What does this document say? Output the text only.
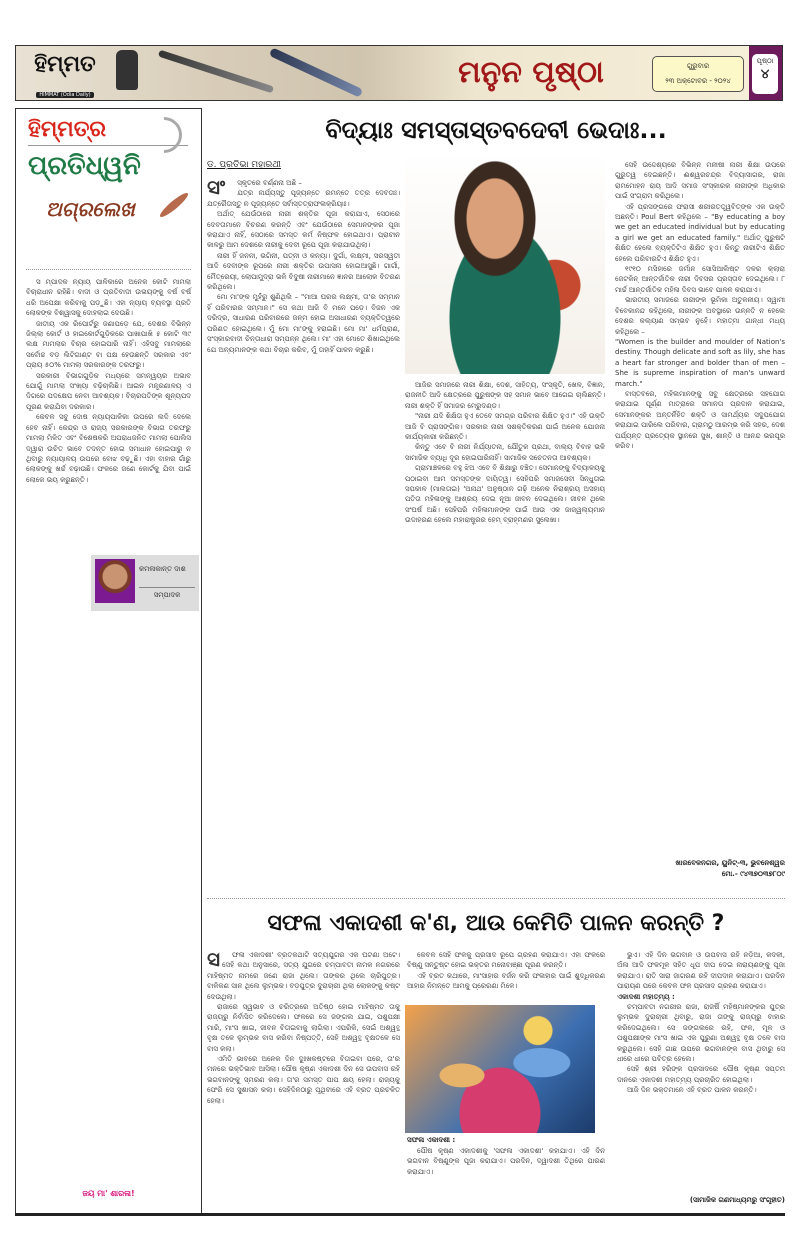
ହିମ୍ମତ
HIMMAT (Odia Daily)
ମନୁନ ପୃଷ୍ଠା	ଗୁରୁବାର
୨୩ ଅକ୍ଟୋବର - ୨୦୨୪
ପୃଷ୍ଠା
୪
ହିମ୍ମତ୍‌ର
ପ୍ରତିଧ୍ୱନି
ଅଗ୍ରଲେଖ

ସ ମ୍ପାଦକ ନ୍ୟାୟ ପାଳିକାରେ ଅନେକ କୋଟି ମାମଲା ବିଚାରାଧୀନ ରହିଛି। ବାଦୀ ଓ ପ୍ରତିବାଦୀ ଉଭୟଙ୍କୁ ବର୍ଷ ବର୍ଷ ଧରି ଅପେକ୍ଷା କରିବାକୁ ପଡ଼ୁଛି। ଏହା ନ୍ୟାୟ ବ୍ୟବସ୍ଥା ପ୍ରତି ଲୋକଙ୍କ ବିଶ୍ୱାସକୁ ଦୋହଲାଇ ଦେଉଛି।

ଜାତୀୟ ଏକ ରିପୋର୍ଟରୁ ଜଣାପଡ଼େ ଯେ, ଦେଶର ବିଭିନ୍ନ ଜିଲ୍ଲା କୋର୍ଟ ଓ ହାଇକୋର୍ଟଗୁଡ଼ିକରେ ପାଖାପାଖି ୫ କୋଟି ୩୯ ଲକ୍ଷ ମାମଲାର ବିଚାର ହୋଇପାରି ନାହିଁ। ଏହିସବୁ ମାମଲାରେ ସର୍ବୋଚ୍ଚ ବଡ଼ ଲିଟିଗାଣ୍ଟ ବା ପକ୍ଷ ହେଉଛନ୍ତି ସରକାର ଏବଂ ପ୍ରାୟ ୫୦% ମାମଲା ସରକାରଙ୍କ ତରଫରୁ।

ସରକାରୀ ବିଭାଗଗୁଡ଼ିକ ମଧ୍ୟରେ ସମନ୍ୱୟର ଅଭାବ ଯୋଗୁଁ ମାମଲା ସଂଖ୍ୟା ବଢ଼ିଚାଲିଛି। ଆଇନ ମନ୍ତ୍ରଣାଳୟ ଏ ଦିଗରେ ପଦକ୍ଷେପ ନେବା ଆବଶ୍ୟକ। ବିଚାରପତିଙ୍କ ଶୂନ୍ୟପଦ ପୂରଣ କରାଯିବା ଦରକାର।

କେବଳ ସବୁ ଦୋଷ ନ୍ୟାୟପାଳିକା ଉପରେ ଲଦି ଦେଲେ ହେବ ନାହିଁ। କେନ୍ଦ୍ର ଓ ରାଜ୍ୟ ସରକାରଙ୍କ ବିଭାଗ ତରଫରୁ ମାମଲା ମିଳିତ ଏବଂ ବିଶେଷକରି ଅପରାଧଜନିତ ମାମଲା ପୋଲିସ ଦ୍ୱାରା ଉଚିତ ଭାବେ ତଦନ୍ତ ହୋଇ ସମାଧାନ ହୋଇପାରୁ ନ ଥିବାରୁ ନ୍ୟାୟାଳୟ ଉପରେ ବୋଝ ବଢ଼ୁଛି। ଏହା ବାହାର ଗାଁରୁ ଲୋକଙ୍କୁ ଖର୍ଚ୍ଚ ବଢ଼ାଉଛି। ଫଳରେ ଜଣେ କୋର୍ଟକୁ ଯିବା ପାଇଁ ଲୋକେ ଭୟ କରୁଛନ୍ତି।

କମଳାକାନ୍ତ ଦାଶ
ସମ୍ପାଦକ
ଜୟ ମା' ଶାରଳା!
ବିଦ୍ୟାଃ ସମସ୍ତାସ୍ତବଦେବୀ ଭେଦାଃ...
ଡ. ପ୍ରତିଭା ମହାରଥୀ
ସଂ	ସ୍କୃତରେ ବର୍ଣ୍ଣନା ଅଛି –

ଯତ୍ର ନାର୍ଯ୍ୟସ୍ତୁ ପୂଜ୍ୟନ୍ତେ ରମନ୍ତେ ତତ୍ର ଦେବତାଃ। ଯତ୍ରୈତାସ୍ତୁ ନ ପୂଜ୍ୟନ୍ତେ ସର୍ବାସ୍ତତ୍ରାଫଳାକ୍ରିୟାଃ।

ଅର୍ଥାତ୍ ଯେଉଁଠାରେ ନାରୀ ଶକ୍ତିର ପୂଜା କରାଯାଏ, ସେଠାରେ ଦେବତାମାନେ ବିଚରଣ କରନ୍ତି ଏବଂ ଯେଉଁଠାରେ ସେମାନଙ୍କର ପୂଜା କରାଯାଏ ନାହିଁ, ସେଠାରେ ସମସ୍ତ କର୍ମ ନିଷ୍ଫଳ ହୋଇଥାଏ। ପ୍ରାଚୀନ କାଳରୁ ଆମ ଦେଶରେ ନାରୀକୁ ଦେବୀ ରୂପେ ପୂଜା କରାଯାଉଥିଲା।

ନାରୀ ହିଁ ଜନନୀ, ଭଗିନୀ, ପତ୍ନୀ ଓ କନ୍ୟା। ଦୁର୍ଗା, ଲକ୍ଷ୍ମୀ, ସରସ୍ୱତୀ ଆଦି ଦେବୀଙ୍କ ରୂପରେ ନାରୀ ଶକ୍ତିର ଉପାସନା ହୋଇଆସୁଛି। ଗାର୍ଗୀ, ମୈତ୍ରେୟୀ, ଲୋପାମୁଦ୍ରା ଭଳି ବିଦୁଷୀ ନାରୀମାନେ ଜ୍ଞାନର ଆଲୋକ ବିତରଣ କରିଥିଲେ।

ମୋ ମା'ଙ୍କ ମୁହଁରୁ ଶୁଣିଥିଲି – "ମାଆ ଘରର ଲକ୍ଷ୍ମୀ, ତା'ର ସମ୍ମାନ ହିଁ ପରିବାରର ସମ୍ମାନ।" ସେ କଥା ଆଜି ବି ମନେ ପଡ଼େ। ବିଜନ ଏକ ଦରିଦ୍ର, ସାଧାରଣ ପରିବାରରେ ଜନ୍ମ ହୋଇ ଅସାଧାରଣ ବ୍ୟକ୍ତିତ୍ୱରେ ପରିଣତ ହୋଇଥିଲେ। ମୁଁ ମୋ ମା'ଙ୍କୁ ହରାଇଛି। ମୋ ମା' ଧର୍ମପ୍ରାଣ, ସଂସ୍କାରବାଦୀ ଚିନ୍ତାଧାରା ସମ୍ପନ୍ନ ଥିଲେ। ମା' ଏହା ମୋତେ ଶିଖାଇଥିଲେ ଯେ ଅନ୍ୟମାନଙ୍କ କଥା ବିଚାର କରିବ, ମୁଁ ତାହାହିଁ ପାଳନ କରୁଛି।

ଆଜିର ସମାଜରେ ନାରୀ ଶିକ୍ଷା, ଦେଶ, ସାହିତ୍ୟ, ସଂସ୍କୃତି, ଖେଳ, ବିଜ୍ଞାନ, ରାଜନୀତି ଆଦି କ୍ଷେତ୍ରରେ ପୁରୁଷଙ୍କ ସହ ସମାନ ଭାବେ ଆଗେଇ ଚାଲିଛନ୍ତି। ନାରୀ ଶକ୍ତି ହିଁ ସମାଜର ମେରୁଦଣ୍ଡ।

"ନାରୀ ଯଦି ଶିକ୍ଷିତା ହୁଏ ତେବେ ସମଗ୍ର ପରିବାର ଶିକ୍ଷିତ ହୁଏ।" ଏହି ଉକ୍ତି ଆଜି ବି ପ୍ରାସଙ୍ଗିକ। ସରକାର ନାରୀ ସଶକ୍ତିକରଣ ପାଇଁ ଅନେକ ଯୋଜନା କାର୍ଯ୍ୟକାରୀ କରିଛନ୍ତି।

କିନ୍ତୁ ଏବେ ବି ନାରୀ ନିର୍ଯ୍ୟାତନା, ଯୌତୁକ ପ୍ରଥା, ବାଲ୍ୟ ବିବାହ ଭଳି ସାମାଜିକ ବ୍ୟାଧି ଦୂର ହୋଇପାରିନାହିଁ। ସାମାଜିକ ସଚେତନତା ଆବଶ୍ୟକ।

ଗ୍ରାମାଞ୍ଚଳରେ ବହୁ ଝିଅ ଏବେ ବି ଶିକ୍ଷାରୁ ବଞ୍ଚିତ। ସେମାନଙ୍କୁ ବିଦ୍ୟାଳୟକୁ ପଠାଇବା ଆମ ସମସ୍ତଙ୍କ ଦାୟିତ୍ୱ। ସେହିପରି ସମାଜସେବୀ ସିନ୍ଧୁତାଇ ସପକାଳ (ମାଲତାଇ) 'ଅନାଥ' ଅନୁଷ୍ଠାନ ଗଢ଼ି ଅନେକ ନିରାଶ୍ରୟ ଅସହାୟ ପତିତା ମହିଳାଙ୍କୁ ଆଶ୍ରୟ ଦେଇ ନୂଆ ଜୀବନ ଦେଇଥିଲେ। ଜୀବନ ଥିଲେ ସଂଘର୍ଷ ଅଛି। ସେହିପରି ମହିଳାମାନଙ୍କ ପାଇଁ ଆଉ ଏକ ଜାଜ୍ୱଲ୍ୟମାନ ଉଦାହରଣ ହେଲେ ମହାରାଷ୍ଟ୍ରର ହେମ୍ ବ୍ରାହ୍ମଣର ସୁଲେଖା।

ସେହି ଉଦ୍ଦେଶ୍ୟରେ ବିଭିନ୍ନ ମନୀଷୀ ନାରୀ ଶିକ୍ଷା ଉପରେ ଗୁରୁତ୍ୱ ଦେଇଛନ୍ତି। ଈଶ୍ୱରଚନ୍ଦ୍ର ବିଦ୍ୟାସାଗର, ରାଜା ରାମମୋହନ ରାୟ ଆଦି ସମାଜ ସଂସ୍କାରକ ନାରୀଙ୍କ ଅଧିକାର ପାଇଁ ସଂଗ୍ରାମ କରିଥିଲେ।

ଏହି ପ୍ରସଙ୍ଗରେ ଫରାସୀ ଶରୀରତତ୍ତ୍ୱବିତ୍ଙ୍କ ଏକ ଉକ୍ତି ଅଛନ୍ତି। Poul Bert କହିଥିଲେ – "By educating a boy we get an educated individual but by educating a girl we get an educated family." ଅର୍ଥାତ୍ ପୁରୁଷଟି ଶିକ୍ଷିତ ହେଲେ ବ୍ୟକ୍ତିଟିଏ ଶିକ୍ଷିତ ହୁଏ। କିନ୍ତୁ ନାରୀଟିଏ ଶିକ୍ଷିତ ହେଲେ ପରିବାରଟିଏ ଶିକ୍ଷିତ ହୁଏ।

୧୯୧୦ ମସିହାରେ ଜର୍ମାନ ସୋସିଆଲିଷ୍ଟ ଦଳର କ୍ଲାରା ଜେଟକିନ୍ ଆନ୍ତର୍ଜାତିକ ନାରୀ ଦିବସର ପ୍ରସ୍ତାବ ଦେଇଥିଲେ। ୮ ମାର୍ଚ୍ଚ ଆନ୍ତର୍ଜାତିକ ମହିଳା ଦିବସ ଭାବେ ପାଳନ କରାଯାଏ।

ଭାରତୀୟ ସମାଜରେ ନାରୀଙ୍କ ଭୂମିକା ଅତୁଳନୀୟ। ସ୍ୱାମୀ ବିବେକାନନ୍ଦ କହିଥିଲେ, ନାରୀଙ୍କ ଅବସ୍ଥାରେ ଉନ୍ନତି ନ ହେଲେ ଦେଶର କଲ୍ୟାଣ ସମ୍ଭବ ନୁହେଁ। ମହାତ୍ମା ଗାନ୍ଧୀ ମଧ୍ୟ କହିଥିଲେ –

"Women is the builder and moulder of Nation's destiny. Though delicate and soft as lily, she has a heart far stronger and bolder than of men – She is supreme inspiration of man's unward march."

ବାସ୍ତବରେ, ମହିଳାମାନଙ୍କୁ ସବୁ କ୍ଷେତ୍ରରେ ସହଯୋଗ କରାଯାଇ ପୂର୍ଣ୍ଣ ମାତ୍ରାରେ ସମାନତା ପ୍ରଦାନ କରାଯାଇ, ସେମାନଙ୍କର ଅନ୍ତର୍ନିହିତ ଶକ୍ତି ଓ ସାମର୍ଥ୍ୟର ସଦୁପଯୋଗ କରାଯାଇ ପାରିଲେ ପରିବାର, ଗ୍ରାମଠୁ ଆରମ୍ଭ କରି ସହର, ଦେଶ ପର୍ଯ୍ୟନ୍ତ ପ୍ରତ୍ୟେକ ସ୍ଥାନରେ ସୁଖ, ଶାନ୍ତି ଓ ଆନନ୍ଦ ଭରପୂର କରିବ।

ଖାରବେଳନଗର, ୟୁନିଟ୍-୩, ଭୁବନେଶ୍ୱର
ମୋ.- ୯୪୩୭୦୩୭୮୦୯
ସଫଳା ଏକାଦଶୀ କ'ଣ, ଆଉ କେମିତି ପାଳନ କରନ୍ତି ?
ସ	ଫଳା ଏକାଦଶୀ' ବ୍ରତକଥାଟି ସତ୍ୟଯୁଗର ଏକ ଘଟଣା ଅଟେ। ସେହି କଥା ଅନୁସାରେ, ସତ୍ୟ ଯୁଗରେ ଚମ୍ପାବତୀ ନାମକ ନଗରରେ ମାହିଷ୍ମତ ନାମରେ ଜଣେ ରାଜା ଥିଲେ। ତାଙ୍କର ଥିଲେ ଚାରିପୁତ୍ର। ବାଳିକଣ ସାନ ଥିଲେ ଲୁମ୍ଭକ। ବଡ଼ପୁତ୍ର ଦୁରାଚାରୀ ଥିଲା ଲୋକଙ୍କୁ କଷ୍ଟ ଦେଉଥିଲା।

ରାଜାରେ ସ୍ୱଭାବ ଓ ଚରିତ୍ରରେ ଅତିଷ୍ଠ ହୋଇ ମାହିଷ୍ମତ ତାକୁ ରାଜ୍ୟରୁ ନିର୍ବାସିତ କରିଦେଲେ। ଫଳରେ ସେ ଜଙ୍ଗଲ ଯାଇ, ପଶୁପକ୍ଷୀ ମାରି, ମାଂସ ଖାଇ, ଜୀବନ ବିତାଇବାକୁ ଲାଗିଲା। ଏପରିକି, ସେଇଁ ଅଶ୍ୱତ୍ଥ ବୃକ୍ଷ ତଳେ ଲୁମ୍ଭକ ବାସ କରିବା ନିଷ୍ପତ୍ତି, ସେହି ଅଶ୍ୱତ୍ଥ ବୃକ୍ଷତଳେ ସେ ବାସ କଲା।

ଏମିତି ଭାବରେ ଅନେକ ଦିନ ଦୁଃଖକଷ୍ଟରେ ବିତାଇବା ପରେ, ତା'ର ମନରେ ଭକ୍ତିଭାବ ଆସିଲା। ପୌଷ କୃଷ୍ଣ ଏକାଦଶୀ ଦିନ ସେ ଉପବାସ ରହି ଭଗବାନଙ୍କୁ ସ୍ମରଣ କଲା। ତା'ର ସମସ୍ତ ପାପ କ୍ଷୟ ହେଲା। ରାଜ୍ୟକୁ ଫେରି ସେ ସୁଶାସନ କଲା। ସେହିଦିନଠାରୁ ପୃଥିବୀରେ ଏହି ବ୍ରତ ପ୍ରଚଳିତ ହେଲା।

କେବଳ ସେହି ଫଳକୁ ପ୍ରସାଦ ରୂପେ ଗ୍ରହଣ କରାଯାଏ। ଏହା ଫଳରେ ବିଷ୍ଣୁ ସନ୍ତୁଷ୍ଟ ହୋଇ ଭକ୍ତର ମନୋବାଞ୍ଛା ପୂରଣ କରନ୍ତି।

ଏହି ବ୍ରତ କଥାରେ, ମାଂସାହାର ବର୍ଜନ କରି ଫଳାହାର ପାଇଁ ଶୁଦ୍ଧିକରଣ ଆହାର ନିମନ୍ତେ ଆମକୁ ପ୍ରେରଣା ମିଳେ।

ସଫଳା ଏକାଦଶୀ :

ପୌଷ କୃଷ୍ଣ ଏକାଦଶୀକୁ 'ସଫଳା ଏକାଦଶୀ' କହାଯାଏ। ଏହି ଦିନ ଭଗବାନ ବିଷ୍ଣୁଙ୍କ ପୂଜା କରାଯାଏ। ପରଦିନ, ଦ୍ୱାଦଶୀ ତିଥିରେ ପାରଣ କରାଯାଏ।

ଭୁଏ। ଏହି ଦିନ ଭଗବାନ ଓ ଉପବାସ ରହି ନଡ଼ିଆ, କଦଳୀ, ଅଁଳା ଆଦି ଫଳମୂଳ ସହିତ ଧୂପ ଦୀପ ଦେଇ ନାରାୟଣଙ୍କୁ ପୂଜା କରାଯାଏ। ରାତି ସାରା ଜାଗରଣ ରହି ଦୀପଦାନ କରାଯାଏ। ପରଦିନ ପାରାୟଣ ପରେ କେବଳ ଫଳ ପ୍ରସାଦ ଗ୍ରହଣ କରାଯାଏ।

ଏକାଦଶୀ ମହାତ୍ମ୍ୟ :

ଚମ୍ପାବତୀ ନଗରୀର ରାଜା, ରାଜର୍ଷି ମହିଷ୍ମାନଙ୍କର ପୁତ୍ର ଲୁମ୍ଭକ ଦୁରାଚାରୀ ଥିବାରୁ, ରାଜା ତାଙ୍କୁ ରାଜ୍ୟରୁ ବାହାର କରିଦେଇଥିଲେ। ସେ ଜଙ୍ଗଲରେ ରହି, ଫଳ, ମୂଳ ଓ ପଶୁପକ୍ଷୀଙ୍କ ମାଂସ ଖାଇ ଏକ ପୁରୁଣା ଅଶ୍ୱତ୍ଥ ବୃକ୍ଷ ତଳେ ବାସ କରୁଥିଲେ। ସେହି ଗାଛ ଉପରେ ଭଗବାନଙ୍କ ବାସ ଥିବାରୁ ସେ ଧୀରେ ଧୀରେ ପବିତ୍ର ହେଲେ।

ସେହି ଶ୍ରୀ ହରିଙ୍କ ପ୍ରସାଦରେ ପୌଷ କୃଷ୍ଣ ସପ୍ତମ ଦାନରେ ଏକାଦଶୀ ମହାତ୍ମ୍ୟ ପ୍ରଚାରିତ ହୋଇଥିଲା।

ଆଜି ଦିନ ଭକ୍ତମାନେ ଏହି ବ୍ରତ ପାଳନ କରନ୍ତି।

(ସାମାଜିକ ଗଣମାଧ୍ୟମରୁ ସଂଗୃହୀତ)
